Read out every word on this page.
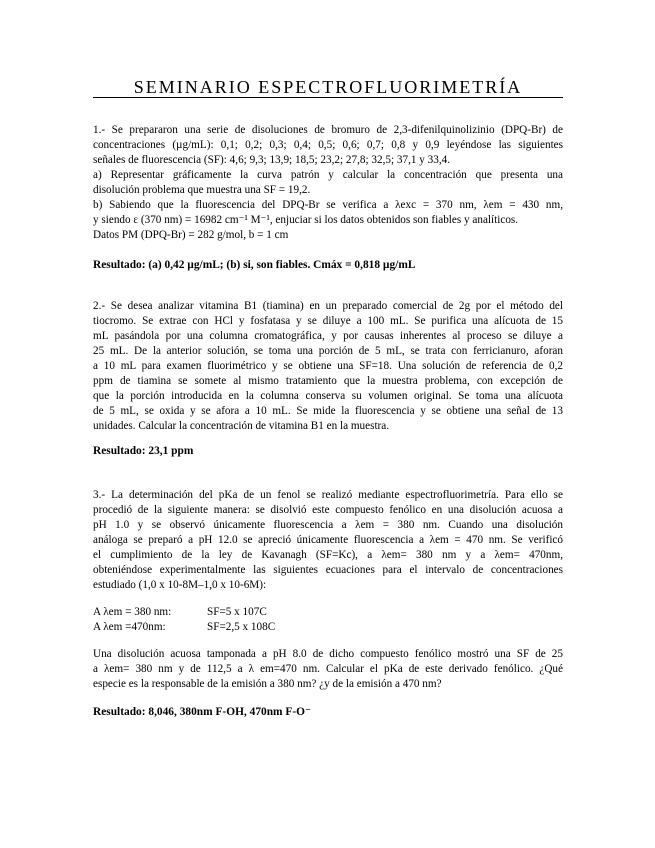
SEMINARIO ESPECTROFLUORIMETRÍA
1.- Se prepararon una serie de disoluciones de bromuro de 2,3-difenilquinolizinio (DPQ-Br) de
concentraciones (µg/mL): 0,1; 0,2; 0,3; 0,4; 0,5; 0,6; 0,7; 0,8 y 0,9 leyéndose las siguientes
señales de fluorescencia (SF): 4,6; 9,3; 13,9; 18,5; 23,2; 27,8; 32,5; 37,1 y 33,4.
a) Representar gráficamente la curva patrón y calcular la concentración que presenta una
disolución problema que muestra una SF = 19,2.
b) Sabiendo que la fluorescencia del DPQ-Br se verifica a λexc = 370 nm, λem = 430 nm,
y siendo ε (370 nm) = 16982 cm⁻¹ M⁻¹, enjuciar si los datos obtenidos son fiables y analíticos.
Datos PM (DPQ-Br) = 282 g/mol, b = 1 cm
Resultado: (a) 0,42 µg/mL; (b) si, son fiables. Cmáx = 0,818 µg/mL
2.- Se desea analizar vitamina B1 (tiamina) en un preparado comercial de 2g por el método del
tiocromo. Se extrae con HCl y fosfatasa y se diluye a 100 mL. Se purifica una alícuota de 15
mL pasándola por una columna cromatográfica, y por causas inherentes al proceso se diluye a
25 mL. De la anterior solución, se toma una porción de 5 mL, se trata con ferricianuro, aforan
a 10 mL para examen fluorimétrico y se obtiene una SF=18. Una solución de referencia de 0,2
ppm de tiamina se somete al mismo tratamiento que la muestra problema, con excepción de
que la porción introducida en la columna conserva su volumen original. Se toma una alícuota
de 5 mL, se oxida y se afora a 10 mL. Se mide la fluorescencia y se obtiene una señal de 13
unidades. Calcular la concentración de vitamina B1 en la muestra.
Resultado: 23,1 ppm
3.- La determinación del pKa de un fenol se realizó mediante espectrofluorimetría. Para ello se
procedió de la siguiente manera: se disolvió este compuesto fenólico en una disolución acuosa a
pH 1.0 y se observó únicamente fluorescencia a λem = 380 nm. Cuando una disolución
análoga se preparó a pH 12.0 se apreció únicamente fluorescencia a λem = 470 nm. Se verificó
el cumplimiento de la ley de Kavanagh (SF=Kc), a λem= 380 nm y a λem= 470nm,
obteniéndose experimentalmente las siguientes ecuaciones para el intervalo de concentraciones
estudiado (1,0 x 10-8M–1,0 x 10-6M):
A λem = 380 nm:	SF=5 x 107C
A λem =470nm:	SF=2,5 x 108C
Una disolución acuosa tamponada a pH 8.0 de dicho compuesto fenólico mostró una SF de 25
a λem= 380 nm y de 112,5 a λ em=470 nm. Calcular el pKa de este derivado fenólico. ¿Qué
especie es la responsable de la emisión a 380 nm? ¿y de la emisión a 470 nm?
Resultado: 8,046, 380nm F-OH, 470nm F-O⁻
